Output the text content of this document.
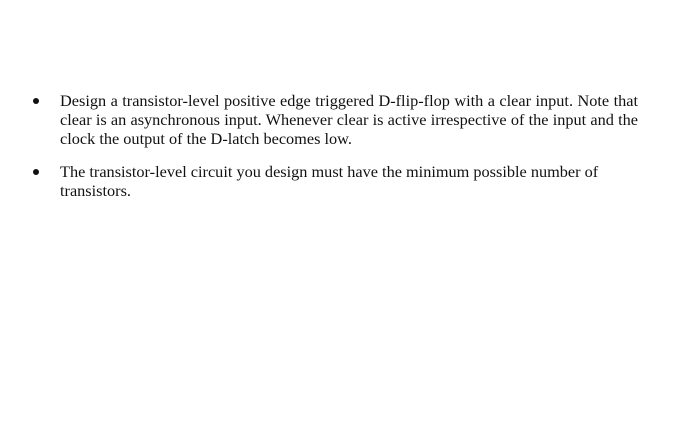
Design a transistor-level positive edge triggered D-flip-flop with a clear input. Note that clear is an asynchronous input. Whenever clear is active irrespective of the input and the clock the output of the D-latch becomes low.
The transistor-level circuit you design must have the minimum possible number of transistors.
